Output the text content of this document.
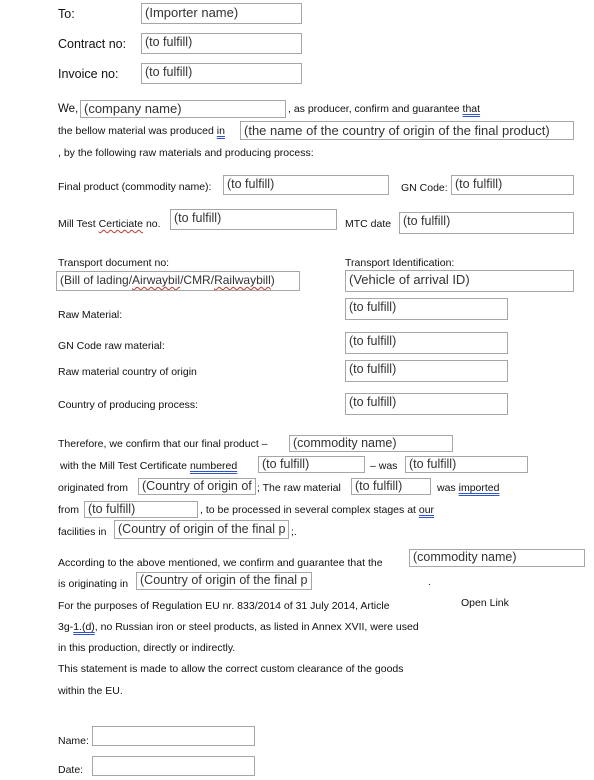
To:	(Importer name)
Contract no:	(to fulfill)
Invoice no:	(to fulfill)
We, (company name)	, as producer, confirm and guarantee that
the bellow material was produced in	(the name of the country of origin of the final product)
, by the following raw materials and producing process:
Final product (commodity name):	(to fulfill)	GN Code: (to fulfill)
Mill Test Certiciate no.	(to fulfill)	MTC date (to fulfill)
Transport document no:	Transport Identification:
(Bill of lading/Airwaybil/CMR/Railwaybill)	(Vehicle of arrival ID)
Raw Material:
(to fulfill)
GN Code raw material:	(to fulfill)
Raw material country of origin	(to fulfill)
Country of producing process:	(to fulfill)
Therefore, we confirm that our final product –	(commodity name)
with the Mill Test Certificate numbered	(to fulfill)	– was (to fulfill)
originated from	(Country of origin of ; The raw material	(to fulfill)	was imported
from (to fulfill)	, to be processed in several complex stages at our
facilities in (Country of origin of the final p ;.
According to the above mentioned, we confirm and guarantee that the	(commodity name)
is originating in (Country of origin of the final p	.
For the purposes of Regulation EU nr. 833/2014 of 31 July 2014, Article	Open Link
3g-1.(d), no Russian iron or steel products, as listed in Annex XVII, were used
in this production, directly or indirectly.
This statement is made to allow the correct custom clearance of the goods
within the EU.
Name:
Date:
